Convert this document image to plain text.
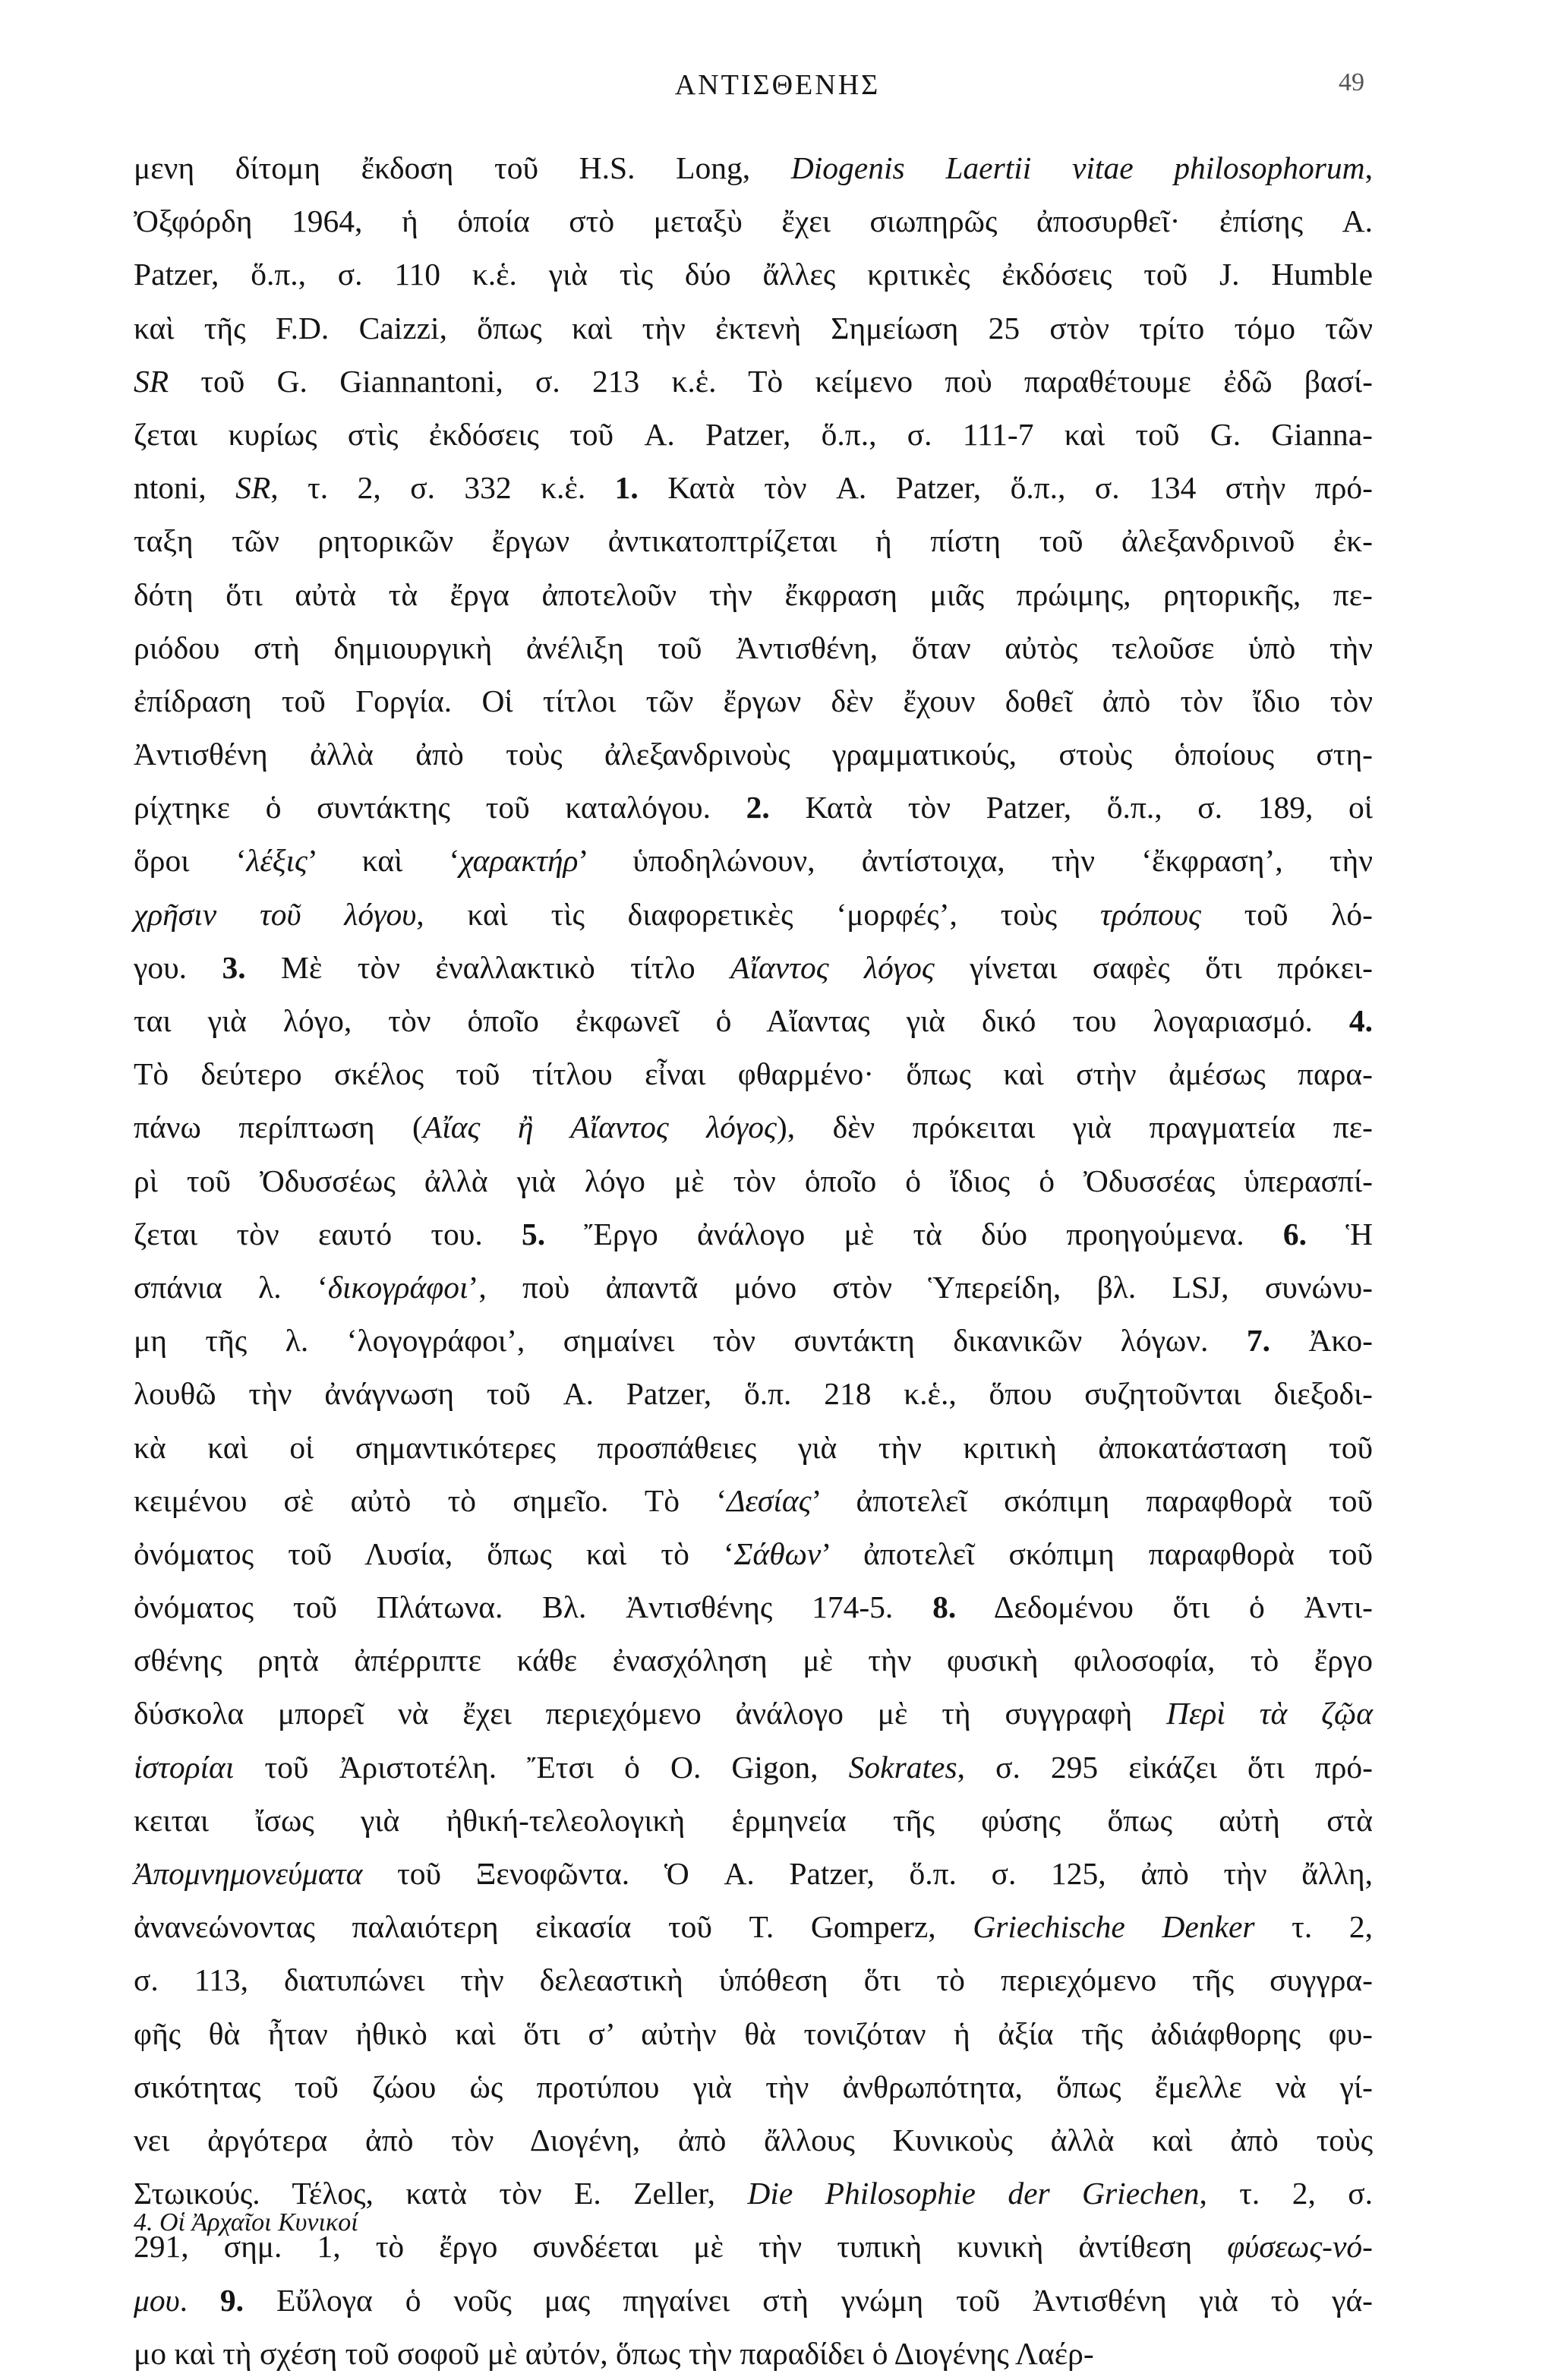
ΑΝΤΙΣΘΕΝΗΣ	49
μενη δίτομη ἔκδοση τοῦ H.S. Long, Diogenis Laertii vitae philosophorum,
Ὀξφόρδη 1964, ἡ ὁποία στὸ μεταξὺ ἔχει σιωπηρῶς ἀποσυρθεῖ· ἐπίσης A.
Patzer, ὅ.π., σ. 110 κ.ἑ. γιὰ τὶς δύο ἄλλες κριτικὲς ἐκδόσεις τοῦ J. Humble
καὶ τῆς F.D. Caizzi, ὅπως καὶ τὴν ἐκτενὴ Σημείωση 25 στὸν τρίτο τόμο τῶν
SR τοῦ G. Giannantoni, σ. 213 κ.ἑ. Τὸ κείμενο ποὺ παραθέτουμε ἐδῶ βασί-
ζεται κυρίως στὶς ἐκδόσεις τοῦ A. Patzer, ὅ.π., σ. 111-7 καὶ τοῦ G. Gianna-
ntoni, SR, τ. 2, σ. 332 κ.ἑ. 1. Κατὰ τὸν A. Patzer, ὅ.π., σ. 134 στὴν πρό-
ταξη τῶν ρητορικῶν ἔργων ἀντικατοπτρίζεται ἡ πίστη τοῦ ἀλεξανδρινοῦ ἐκ-
δότη ὅτι αὐτὰ τὰ ἔργα ἀποτελοῦν τὴν ἔκφραση μιᾶς πρώιμης, ρητορικῆς, πε-
ριόδου στὴ δημιουργικὴ ἀνέλιξη τοῦ Ἀντισθένη, ὅταν αὐτὸς τελοῦσε ὑπὸ τὴν
ἐπίδραση τοῦ Γοργία. Οἱ τίτλοι τῶν ἔργων δὲν ἔχουν δοθεῖ ἀπὸ τὸν ἴδιο τὸν
Ἀντισθένη ἀλλὰ ἀπὸ τοὺς ἀλεξανδρινοὺς γραμματικούς, στοὺς ὁποίους στη-
ρίχτηκε ὁ συντάκτης τοῦ καταλόγου. 2. Κατὰ τὸν Patzer, ὅ.π., σ. 189, οἱ
ὅροι ‘λέξις’ καὶ ‘χαρακτήρ’ ὑποδηλώνουν, ἀντίστοιχα, τὴν ‘ἔκφραση’, τὴν
χρῆσιν τοῦ λόγου, καὶ τὶς διαφορετικὲς ‘μορφές’, τοὺς τρόπους τοῦ λό-
γου. 3. Μὲ τὸν ἐναλλακτικὸ τίτλο Αἴαντος λόγος γίνεται σαφὲς ὅτι πρόκει-
ται γιὰ λόγο, τὸν ὁποῖο ἐκφωνεῖ ὁ Αἴαντας γιὰ δικό του λογαριασμό. 4.
Τὸ δεύτερο σκέλος τοῦ τίτλου εἶναι φθαρμένο· ὅπως καὶ στὴν ἀμέσως παρα-
πάνω περίπτωση (Αἴας ἢ Αἴαντος λόγος), δὲν πρόκειται γιὰ πραγματεία πε-
ρὶ τοῦ Ὀδυσσέως ἀλλὰ γιὰ λόγο μὲ τὸν ὁποῖο ὁ ἴδιος ὁ Ὀδυσσέας ὑπερασπί-
ζεται τὸν εαυτό του. 5. Ἔργο ἀνάλογο μὲ τὰ δύο προηγούμενα. 6. Ἡ
σπάνια λ. ‘δικογράφοι’, ποὺ ἀπαντᾶ μόνο στὸν Ὑπερείδη, βλ. LSJ, συνώνυ-
μη τῆς λ. ‘λογογράφοι’, σημαίνει τὸν συντάκτη δικανικῶν λόγων. 7. Ἀκο-
λουθῶ τὴν ἀνάγνωση τοῦ A. Patzer, ὅ.π. 218 κ.ἑ., ὅπου συζητοῦνται διεξοδι-
κὰ καὶ οἱ σημαντικότερες προσπάθειες γιὰ τὴν κριτικὴ ἀποκατάσταση τοῦ
κειμένου σὲ αὐτὸ τὸ σημεῖο. Τὸ ‘Δεσίας’ ἀποτελεῖ σκόπιμη παραφθορὰ τοῦ
ὀνόματος τοῦ Λυσία, ὅπως καὶ τὸ ‘Σάθων’ ἀποτελεῖ σκόπιμη παραφθορὰ τοῦ
ὀνόματος τοῦ Πλάτωνα. Βλ. Ἀντισθένης 174-5. 8. Δεδομένου ὅτι ὁ Ἀντι-
σθένης ρητὰ ἀπέρριπτε κάθε ἐνασχόληση μὲ τὴν φυσικὴ φιλοσοφία, τὸ ἔργο
δύσκολα μπορεῖ νὰ ἔχει περιεχόμενο ἀνάλογο μὲ τὴ συγγραφὴ Περὶ τὰ ζῷα
ἱστορίαι τοῦ Ἀριστοτέλη. Ἔτσι ὁ O. Gigon, Sokrates, σ. 295 εἰκάζει ὅτι πρό-
κειται ἴσως γιὰ ἠθική-τελεολογικὴ ἑρμηνεία τῆς φύσης ὅπως αὐτὴ στὰ
Ἀπομνημονεύματα τοῦ Ξενοφῶντα. Ὁ A. Patzer, ὅ.π. σ. 125, ἀπὸ τὴν ἄλλη,
ἀνανεώνοντας παλαιότερη εἰκασία τοῦ T. Gomperz, Griechische Denker τ. 2,
σ. 113, διατυπώνει τὴν δελεαστικὴ ὑπόθεση ὅτι τὸ περιεχόμενο τῆς συγγρα-
φῆς θὰ ἦταν ἠθικὸ καὶ ὅτι σ’ αὐτὴν θὰ τονιζόταν ἡ ἀξία τῆς ἀδιάφθορης φυ-
σικότητας τοῦ ζώου ὡς προτύπου γιὰ τὴν ἀνθρωπότητα, ὅπως ἔμελλε νὰ γί-
νει ἀργότερα ἀπὸ τὸν Διογένη, ἀπὸ ἄλλους Κυνικοὺς ἀλλὰ καὶ ἀπὸ τοὺς
Στωικούς. Τέλος, κατὰ τὸν E. Zeller, Die Philosophie der Griechen, τ. 2, σ.
291, σημ. 1, τὸ ἔργο συνδέεται μὲ τὴν τυπικὴ κυνικὴ ἀντίθεση φύσεως-νό-
μου. 9. Εὔλογα ὁ νοῦς μας πηγαίνει στὴ γνώμη τοῦ Ἀντισθένη γιὰ τὸ γά-
μο καὶ τὴ σχέση τοῦ σοφοῦ μὲ αὐτόν, ὅπως τὴν παραδίδει ὁ Διογένης Λαέρ-
4. Οἱ Ἀρχαῖοι Κυνικοί
